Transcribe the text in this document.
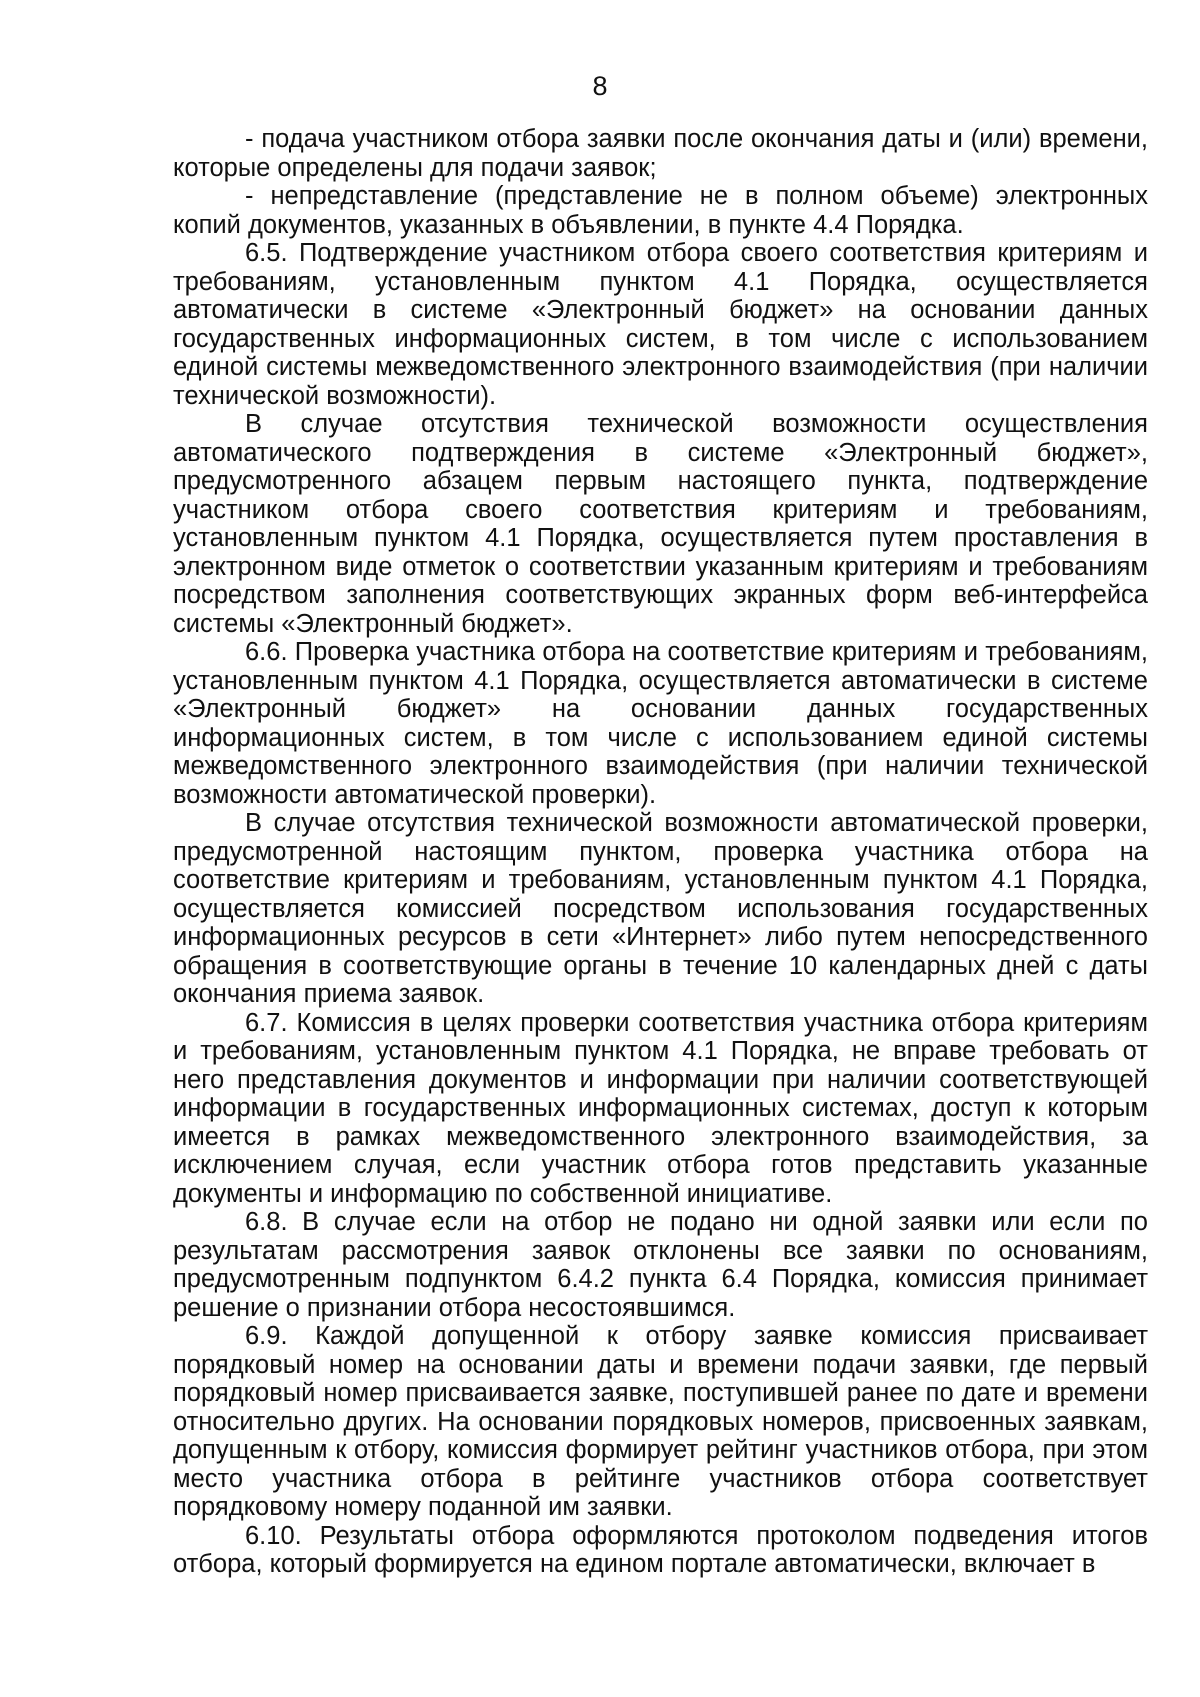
8

- подача участником отбора заявки после окончания даты и (или) времени, которые определены для подачи заявок;

- непредставление (представление не в полном объеме) электронных копий документов, указанных в объявлении, в пункте 4.4 Порядка.

6.5. Подтверждение участником отбора своего соответствия критериям и требованиям, установленным пунктом 4.1 Порядка, осуществляется автоматически в системе «Электронный бюджет» на основании данных государственных информационных систем, в том числе с использованием единой системы межведомственного электронного взаимодействия (при наличии технической возможности).

В случае отсутствия технической возможности осуществления автоматического подтверждения в системе «Электронный бюджет», предусмотренного абзацем первым настоящего пункта, подтверждение участником отбора своего соответствия критериям и требованиям, установленным пунктом 4.1 Порядка, осуществляется путем проставления в электронном виде отметок о соответствии указанным критериям и требованиям посредством заполнения соответствующих экранных форм веб-интерфейса системы «Электронный бюджет».

6.6. Проверка участника отбора на соответствие критериям и требованиям, установленным пунктом 4.1 Порядка, осуществляется автоматически в системе «Электронный бюджет» на основании данных государственных информационных систем, в том числе с использованием единой системы межведомственного электронного взаимодействия (при наличии технической возможности автоматической проверки).

В случае отсутствия технической возможности автоматической проверки, предусмотренной настоящим пунктом, проверка участника отбора на соответствие критериям и требованиям, установленным пунктом 4.1 Порядка, осуществляется комиссией посредством использования государственных информационных ресурсов в сети «Интернет» либо путем непосредственного обращения в соответствующие органы в течение 10 календарных дней с даты окончания приема заявок.

6.7. Комиссия в целях проверки соответствия участника отбора критериям и требованиям, установленным пунктом 4.1 Порядка, не вправе требовать от него представления документов и информации при наличии соответствующей информации в государственных информационных системах, доступ к которым имеется в рамках межведомственного электронного взаимодействия, за исключением случая, если участник отбора готов представить указанные документы и информацию по собственной инициативе.

6.8. В случае если на отбор не подано ни одной заявки или если по результатам рассмотрения заявок отклонены все заявки по основаниям, предусмотренным подпунктом 6.4.2 пункта 6.4 Порядка, комиссия принимает решение о признании отбора несостоявшимся.

6.9. Каждой допущенной к отбору заявке комиссия присваивает порядковый номер на основании даты и времени подачи заявки, где первый порядковый номер присваивается заявке, поступившей ранее по дате и времени относительно других. На основании порядковых номеров, присвоенных заявкам, допущенным к отбору, комиссия формирует рейтинг участников отбора, при этом место участника отбора в рейтинге участников отбора соответствует порядковому номеру поданной им заявки.

6.10. Результаты отбора оформляются протоколом подведения итогов отбора, который формируется на едином портале автоматически, включает в
